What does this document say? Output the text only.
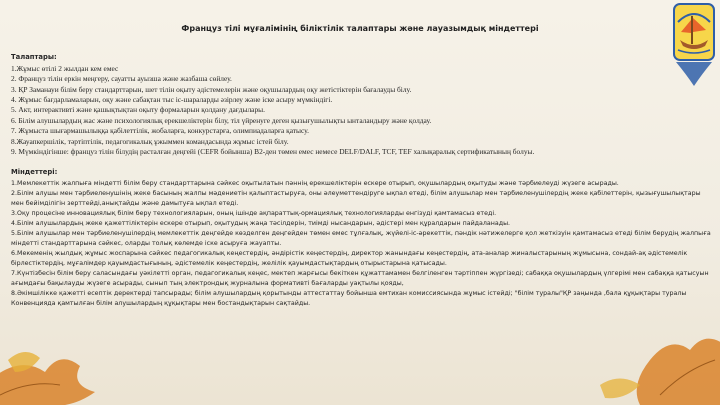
Француз тілі мұғалімінің біліктілік талаптары және лауазымдық міндеттері
Талаптары:

1.Жұмыс өтілі 2 жылдан кем емес

2. Француз тілін еркін меңгеру, сауатты ауызша және жазбаша сөйлеу.

3. ҚР Заманауи білім беру стандарттарын, шет тілін оқыту әдістемелерін және оқушылардың оқу жетістіктерін бағалауды білу.

4. Жұмыс бағдарламаларын, оқу және сабақтан тыс іс-шараларды әзірлеу және іске асыру мүмкіндігі.

5. Акт, интерактивті және қашықтықтан оқыту формаларын қолдану дағдылары.

6. Білім алушылардың жас және психологиялық ерекшеліктерін білу, тіл үйренуге деген қызығушылықты ынталандыру және қолдау.

7. Жұмыста шығармашылыққа қабілеттілік, жобаларға, конкурстарға, олимпиадаларға қатысу.

8.Жауапкершілік, тәртіптілік, педагогикалық ұжыммен командасында жұмыс істей білу.

9. Мүмкіндігінше: француз тілін білудің расталған деңгейі (CEFR бойынша) B2-ден төмен емес немесе DELF/DALF, TCF, TEF халықаралық сертификатының болуы.

Міндеттері:

1.Мемлекеттік жалпыға міндетті білім беру стандарттарына сәйкес оқытылатын пәннің ерекшеліктерін ескере отырып, оқушылардың оқытуды және тәрбиелеуді жүзеге асырады.

2.Білім алушы мен тәрбиеленушінің жеке басының жалпы мәдениетін қалыптастыруға, оны әлеуметтендіруге ықпал етеді, білім алушылар мен тәрбиеленушілердің жеке қабілеттерін, қызығушылықтары мен бейімділігін зерттейді,анықтайды және дамытуға ықпал етеді.

3.Оқу процесіне инновациялық білім беру технологияларын, оның ішінде ақпараттық-ормациялық технологияларды енгізуді қамтамасыз етеді.

4.Білім алушылардың жеке қажеттіліктерін ескере отырып, оқытудың жаңа тәсілдерін, тиімді нысандарын, әдістері мен құралдарын пайдаланады.

5.Білім алушылар мен тәрбиеленушілердің мемлекеттік деңгейде көзделген деңгейден төмен емес тұлғалық, жүйелі-іс-әрекеттік, пәндік нәтижелерге қол жеткізуін қамтамасыз етеді білім берудің жалпыға міндетті стандарттарына сәйкес, оларды толық көлемде іске асыруға жауапты.

6.Мекеменің жылдық жұмыс жоспарына сәйкес педагогикалық кеңестердің, әндірістік кеңестердің, директор жанындағы кеңестердің, ата-аналар жиналыстарының жұмысына, сондай-ақ әдістемелік бірлестіктердің, мұғалімдер қауымдастығының, әдістемелік кеңестердің, желілік қауымдастықтардың отырыстарына қатысады.

7.Күнтізбесін білім беру саласындағы уәкілетті орган, педагогикалық кеңес, мектеп жарғысы бекіткен құжаттамамен белгіленген тәртіппен жүргізеді; сабаққа оқушылардың үлгерімі мен сабаққа қатысуын ағымдағы бақылауды жүзеге асырады, сынып тың электрондық журналына формативті бағаларды уақтылы қояды,

8.Әкімшілікке қажетті есептік деректерді тапсырады; білім алушылардың қорытынды аттестаттау бойынша емтихан комиссиясында жұмыс істейді; "білім туралы"ҚР заңында ,бала құқықтары туралы Конвенцияда қамтылған білім алушылардың құқықтары мен бостандықтарын сақтайды.
